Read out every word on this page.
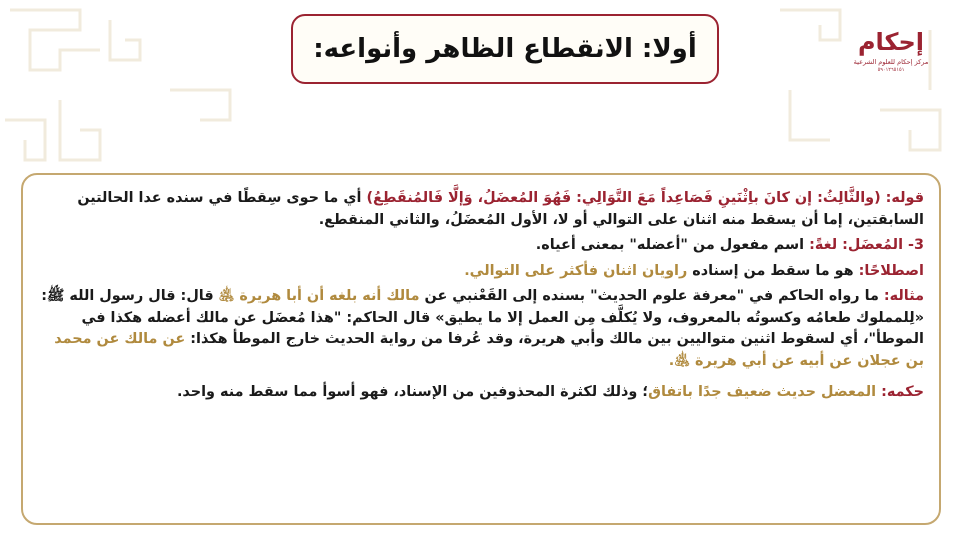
أولا: الانقطاع الظاهر وأنواعه:	إحكام
مركز إحكام للعلوم الشرعية
٥٩٠١٢٦٥١٥١

قوله: (والثَّالِثُ: إن كانَ باِثْنَينِ فَصَاعِداً مَعَ التَّوَالِي: فَهُوَ المُعضَلُ، وَإلَّا فَالمُنقَطِعُ) أي ما حوى سِقطًا في سنده عدا الحالتين السابقتين، إما أن يسقط منه اثنان على التوالي أو لا، الأول المُعضَلُ، والثاني المنقطع.

3- المُعضَل: لغةً: اسم مفعول من "أعضله" بمعنى أعياه.

اصطلاحًا: هو ما سقط من إسناده راويان اثنان فأكثر على التوالي.

مثاله: ما رواه الحاكم في "معرفة علوم الحديث" بسنده إلى القَعْنبي عن مالك أنه بلغه أن أبا هريرة ﵁ قال: قال رسول الله ﷺ: «لِلمملوك طعامُه وكسوتُه بالمعروف، ولا يُكلَّف مِن العمل إلا ما يطيق» قال الحاكم: "هذا مُعضَل عن مالك أعضله هكذا في الموطأ"، أي لسقوط اثنين متواليين بين مالك وأبي هريرة، وقد عُرفا من رواية الحديث خارج الموطأ هكذا: عن مالك عن محمد بن عجلان عن أبيه عن أبي هريرة ﵁.

حكمه: المعضل حديث ضعيف جدًا باتفاق؛ وذلك لكثرة المحذوفين من الإسناد، فهو أسوأ مما سقط منه واحد.
